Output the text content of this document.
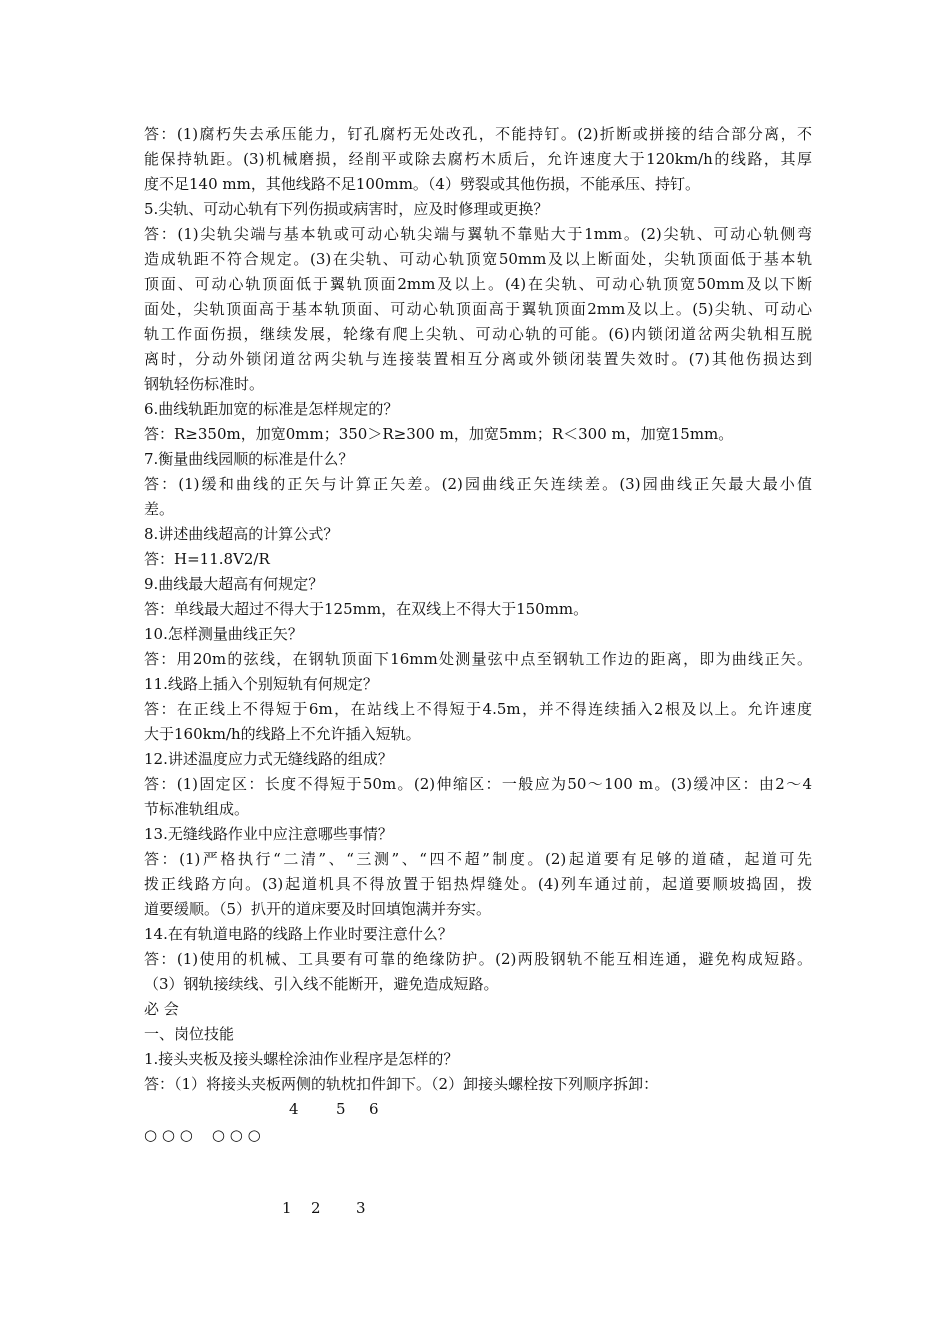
答：(1)腐朽失去承压能力，钉孔腐朽无处改孔，不能持钉。(2)折断或拼接的结合部分离，不
能保持轨距。(3)机械磨损，经削平或除去腐朽木质后，允许速度大于120km/h的线路，其厚
度不足140 mm，其他线路不足100mm。（4）劈裂或其他伤损，不能承压、持钉。
5.尖轨、可动心轨有下列伤损或病害时，应及时修理或更换？
答：(1)尖轨尖端与基本轨或可动心轨尖端与翼轨不靠贴大于1mm。(2)尖轨、可动心轨侧弯
造成轨距不符合规定。(3)在尖轨、可动心轨顶宽50mm及以上断面处，尖轨顶面低于基本轨
顶面、可动心轨顶面低于翼轨顶面2mm及以上。(4)在尖轨、可动心轨顶宽50mm及以下断
面处，尖轨顶面高于基本轨顶面、可动心轨顶面高于翼轨顶面2mm及以上。(5)尖轨、可动心
轨工作面伤损，继续发展，轮缘有爬上尖轨、可动心轨的可能。(6)内锁闭道岔两尖轨相互脱
离时，分动外锁闭道岔两尖轨与连接装置相互分离或外锁闭装置失效时。(7)其他伤损达到
钢轨轻伤标准时。
6.曲线轨距加宽的标准是怎样规定的？
答：R≥350m，加宽0mm；350＞R≥300 m，加宽5mm；R＜300 m，加宽15mm。
7.衡量曲线园顺的标准是什么？
答：(1)缓和曲线的正矢与计算正矢差。(2)园曲线正矢连续差。(3)园曲线正矢最大最小值
差。
8.讲述曲线超高的计算公式？
答：H=11.8V2/R
9.曲线最大超高有何规定？
答：单线最大超过不得大于125mm，在双线上不得大于150mm。
10.怎样测量曲线正矢？
答：用20m的弦线，在钢轨顶面下16mm处测量弦中点至钢轨工作边的距离，即为曲线正矢。
11.线路上插入个别短轨有何规定？
答：在正线上不得短于6m，在站线上不得短于4.5m，并不得连续插入2根及以上。允许速度
大于160km/h的线路上不允许插入短轨。
12.讲述温度应力式无缝线路的组成？
答：(1)固定区：长度不得短于50m。(2)伸缩区：一般应为50～100 m。(3)缓冲区：由2～4
节标准轨组成。
13.无缝线路作业中应注意哪些事情？
答：(1)严格执行“二清”、“三测”、“四不超”制度。(2)起道要有足够的道碴，起道可先
拨正线路方向。(3)起道机具不得放置于铝热焊缝处。(4)列车通过前，起道要顺坡捣固，拨
道要缓顺。（5）扒开的道床要及时回填饱满并夯实。
14.在有轨道电路的线路上作业时要注意什么？
答：(1)使用的机械、工具要有可靠的绝缘防护。(2)两股钢轨不能互相连通，避免构成短路。
（3）钢轨接续线、引入线不能断开，避免造成短路。
必 会
一、岗位技能
1.接头夹板及接头螺栓涂油作业程序是怎样的？
答：（1）将接头夹板两侧的轨枕扣件卸下。（2）卸接头螺栓按下列顺序拆卸：
4 5 6
○ ○ ○    ○ ○ ○
1 2 3
